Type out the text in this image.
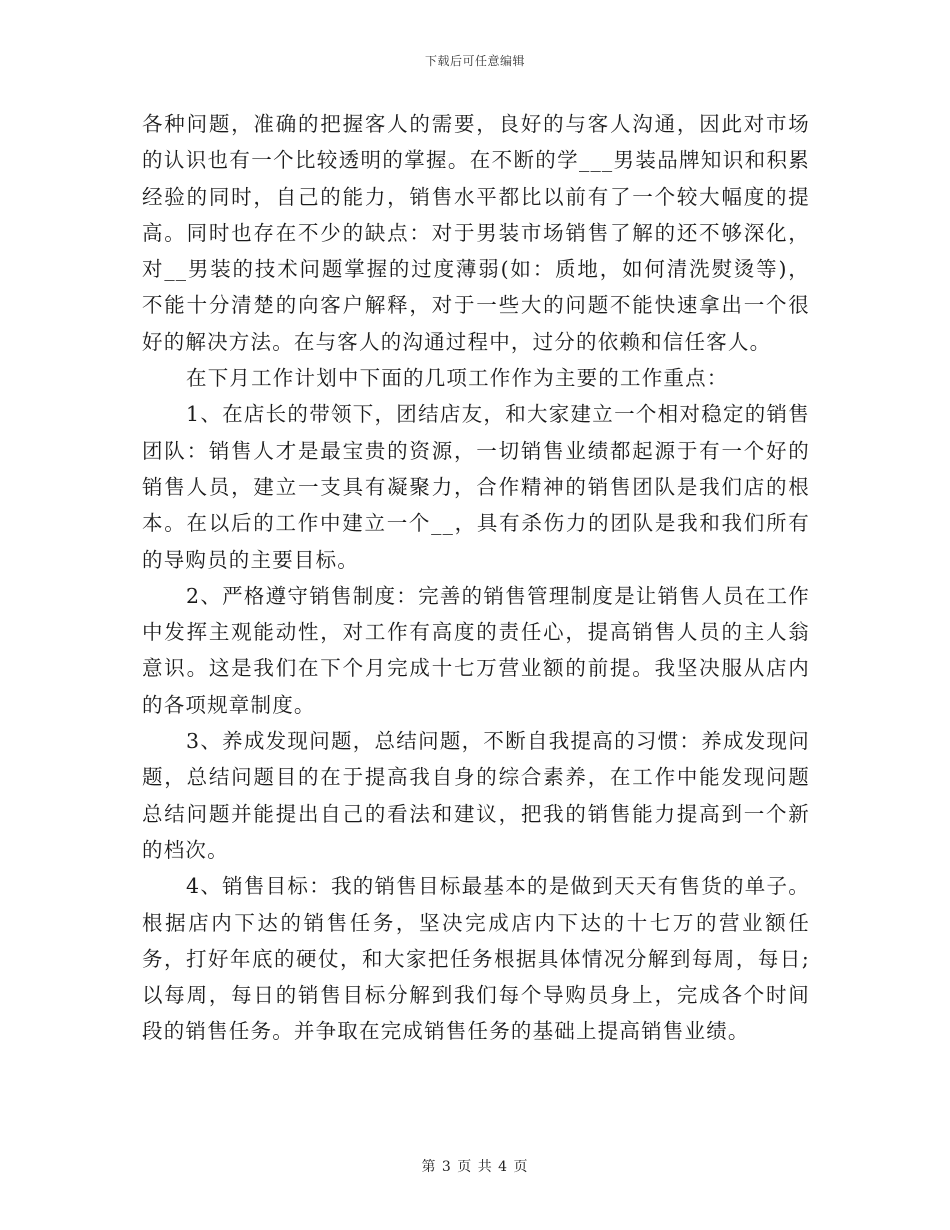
下载后可任意编辑

各种问题，准确的把握客人的需要，良好的与客人沟通，因此对市场的认识也有一个比较透明的掌握。在不断的学___男装品牌知识和积累经验的同时，自己的能力，销售水平都比以前有了一个较大幅度的提高。同时也存在不少的缺点：对于男装市场销售了解的还不够深化，对__男装的技术问题掌握的过度薄弱(如：质地，如何清洗熨烫等)，不能十分清楚的向客户解释，对于一些大的问题不能快速拿出一个很好的解决方法。在与客人的沟通过程中，过分的依赖和信任客人。

在下月工作计划中下面的几项工作作为主要的工作重点：

1、在店长的带领下，团结店友，和大家建立一个相对稳定的销售团队：销售人才是最宝贵的资源，一切销售业绩都起源于有一个好的销售人员，建立一支具有凝聚力，合作精神的销售团队是我们店的根本。在以后的工作中建立一个__，具有杀伤力的团队是我和我们所有的导购员的主要目标。

2、严格遵守销售制度：完善的销售管理制度是让销售人员在工作中发挥主观能动性，对工作有高度的责任心，提高销售人员的主人翁意识。这是我们在下个月完成十七万营业额的前提。我坚决服从店内的各项规章制度。

3、养成发现问题，总结问题，不断自我提高的习惯：养成发现问题，总结问题目的在于提高我自身的综合素养，在工作中能发现问题总结问题并能提出自己的看法和建议，把我的销售能力提高到一个新的档次。

4、销售目标：我的销售目标最基本的是做到天天有售货的单子。根据店内下达的销售任务，坚决完成店内下达的十七万的营业额任务，打好年底的硬仗，和大家把任务根据具体情况分解到每周，每日;以每周，每日的销售目标分解到我们每个导购员身上，完成各个时间段的销售任务。并争取在完成销售任务的基础上提高销售业绩。

第 3 页 共 4 页
